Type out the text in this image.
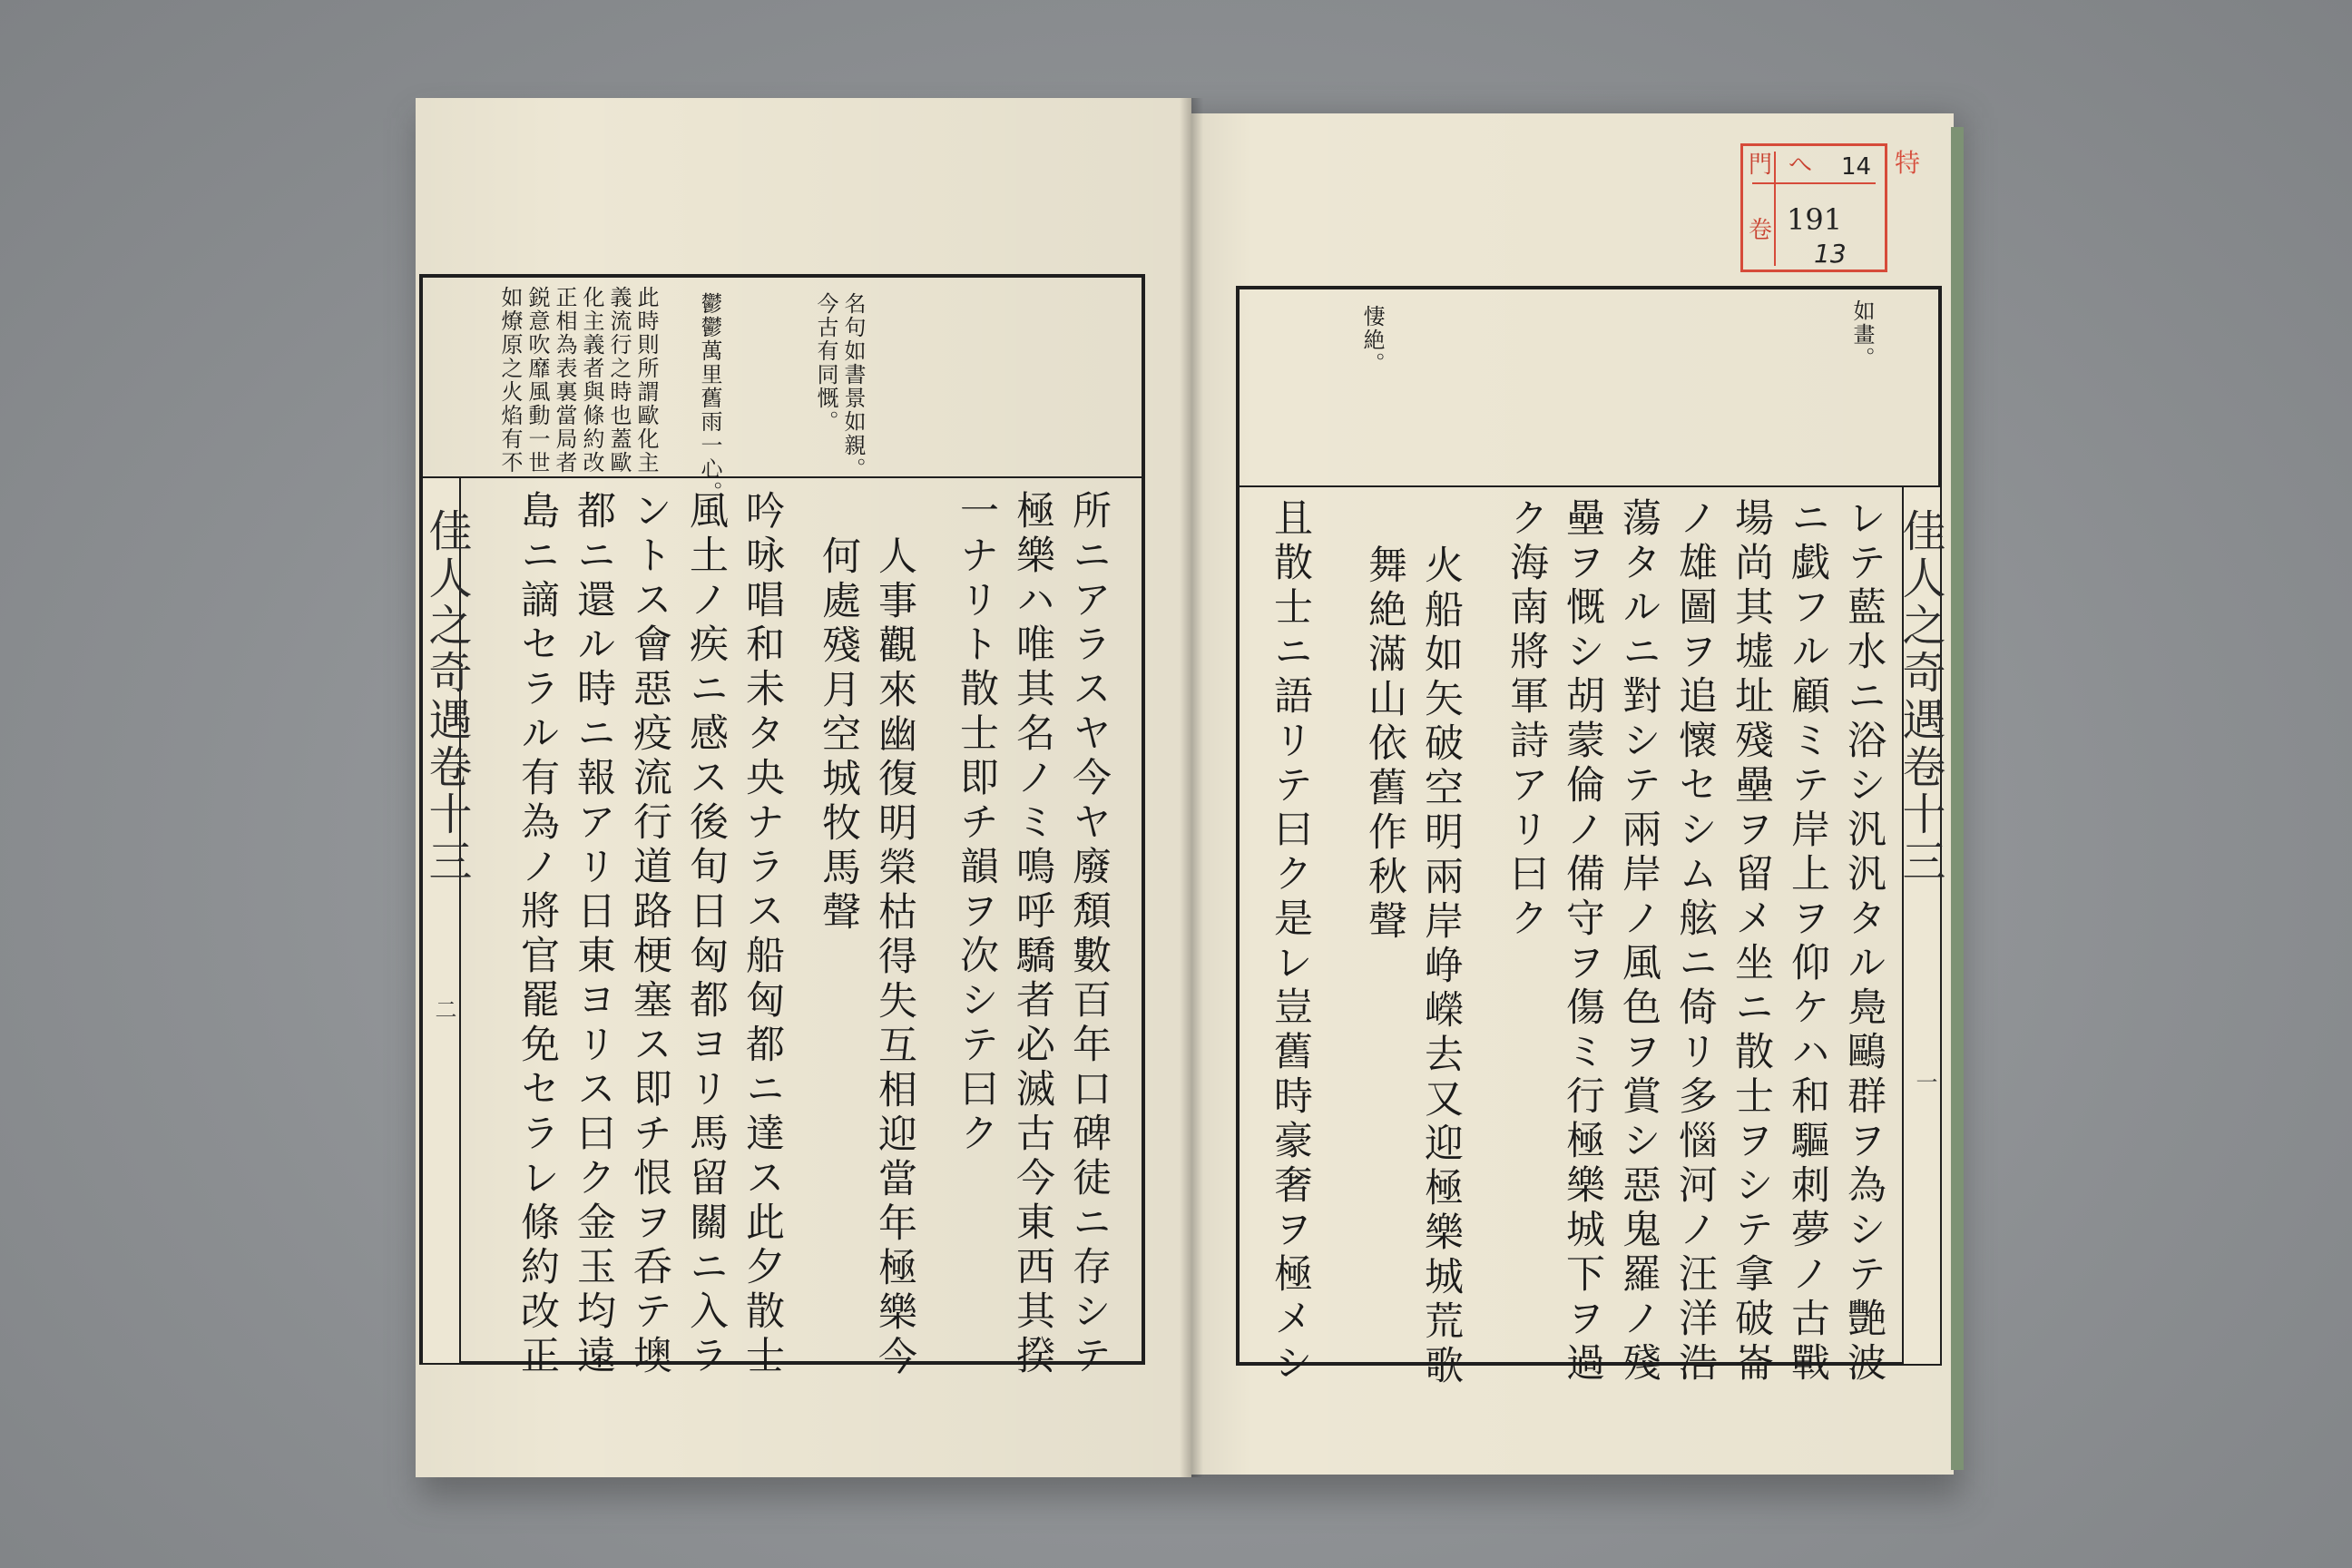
佳人之奇遇卷十三
二
名句如書景如親。
今古有同慨。
鬱鬱萬里舊雨一心。
此時則所謂歐化主
義流行之時也蓋歐
化主義者與條約改
正相為表裏當局者
鋭意吹靡風動一世
如燎原之火焰有不
所ニアラスヤ今ヤ廢頽數百年口碑徒ニ存シテ
極樂ハ唯其名ノミ鳴呼驕者必滅古今東西其揆
一ナリト散士即チ韻ヲ次シテ曰ク
人事觀來幽復明榮枯得失互相迎當年極樂今
何處殘月空城牧馬聲
吟咏唱和未タ央ナラス船匈都ニ達ス此夕散士
風土ノ疾ニ感ス後旬日匈都ヨリ馬留關ニ入ラ
ントス會惡疫流行道路梗塞ス即チ恨ヲ呑テ墺
都ニ還ル時ニ報アリ日東ヨリス曰ク金玉均遠
島ニ謫セラル有為ノ將官罷免セラレ條約改正	佳人之奇遇卷十三
一
如畫。
悽絶。
レテ藍水ニ浴シ汎汎タル鳧鷗群ヲ為シテ艷波
ニ戯フル顧ミテ岸上ヲ仰ケハ和驅刺夢ノ古戰
場尚其墟址殘壘ヲ留メ坐ニ散士ヲシテ拿破崙
ノ雄圖ヲ追懷セシム舷ニ倚リ多惱河ノ汪洋浩
蕩タルニ對シテ兩岸ノ風色ヲ賞シ惡鬼羅ノ殘
壘ヲ慨シ胡蒙倫ノ備守ヲ傷ミ行極樂城下ヲ過
ク海南將軍詩アリ曰ク
火船如矢破空明兩岸峥嶸去又迎極樂城荒歌
舞絶滿山依舊作秋聲
且散士ニ語リテ曰ク是レ豈舊時豪奢ヲ極メシ
門 へ 14
卷 191
13
特
